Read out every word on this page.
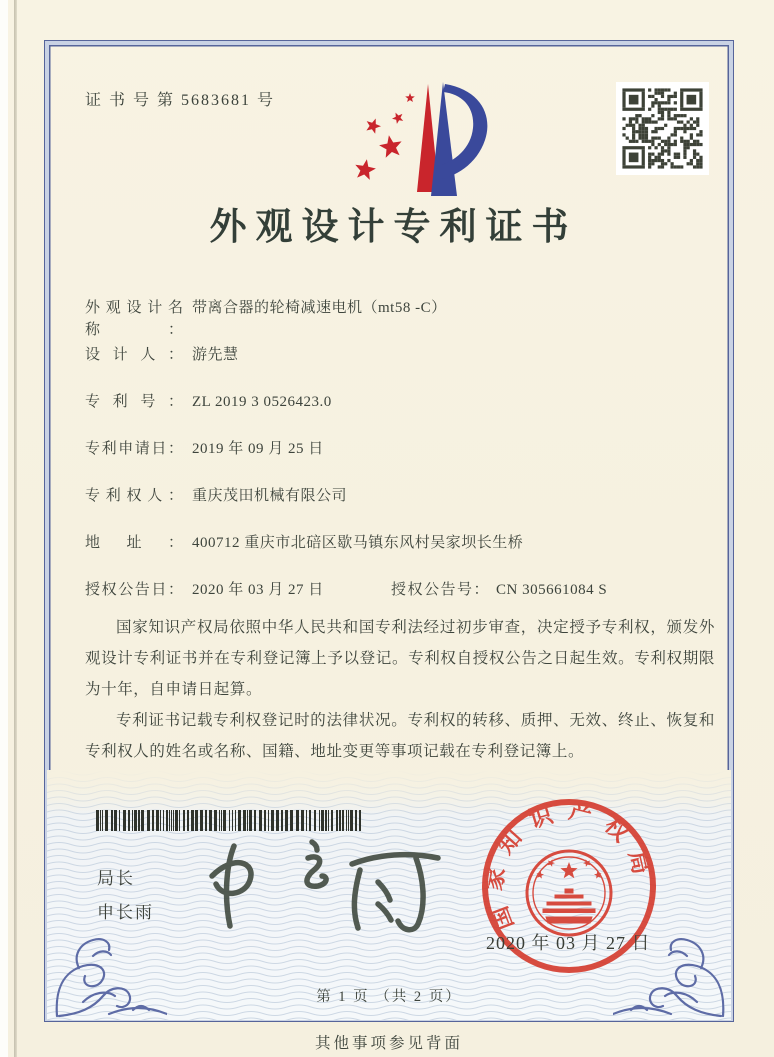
证 书 号 第 5683681 号
外观设计专利证书
外观设计名称：带离合器的轮椅减速电机（mt58 -C）
设计人： 游先慧
专利号： ZL 2019 3 0526423.0
专利申请日： 2019 年 09 月 25 日
专利权人： 重庆茂田机械有限公司
地址： 400712 重庆市北碚区歇马镇东风村吴家坝长生桥
授权公告日： 2020 年 03 月 27 日	授权公告号： CN 305661084 S

国家知识产权局依照中华人民共和国专利法经过初步审查，决定授予专利权，颁发外观设计专利证书并在专利登记簿上予以登记。专利权自授权公告之日起生效。专利权期限为十年，自申请日起算。

专利证书记载专利权登记时的法律状况。专利权的转移、质押、无效、终止、恢复和专利权人的姓名或名称、国籍、地址变更等事项记载在专利登记簿上。

局长
申长雨	国家知识产权局
2020 年 03 月 27 日
第 1 页 （共 2 页）
其他事项参见背面
